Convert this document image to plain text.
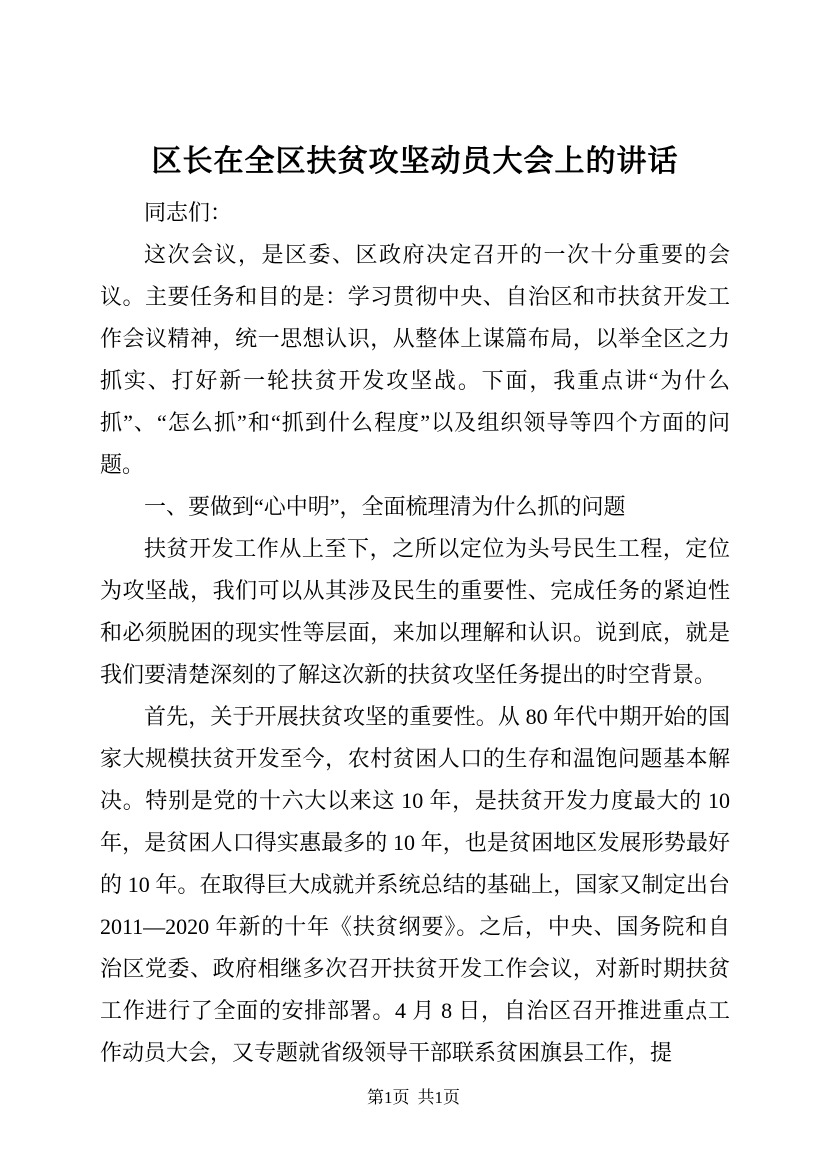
区长在全区扶贫攻坚动员大会上的讲话

同志们：

这次会议，是区委、区政府决定召开的一次十分重要的会议。主要任务和目的是：学习贯彻中央、自治区和市扶贫开发工作会议精神，统一思想认识，从整体上谋篇布局，以举全区之力抓实、打好新一轮扶贫开发攻坚战。下面，我重点讲“为什么抓”、“怎么抓”和“抓到什么程度”以及组织领导等四个方面的问题。

一、要做到“心中明”，全面梳理清为什么抓的问题

扶贫开发工作从上至下，之所以定位为头号民生工程，定位为攻坚战，我们可以从其涉及民生的重要性、完成任务的紧迫性和必须脱困的现实性等层面，来加以理解和认识。说到底，就是我们要清楚深刻的了解这次新的扶贫攻坚任务提出的时空背景。

首先，关于开展扶贫攻坚的重要性。从 80 年代中期开始的国家大规模扶贫开发至今，农村贫困人口的生存和温饱问题基本解决。特别是党的十六大以来这 10 年，是扶贫开发力度最大的 10 年，是贫困人口得实惠最多的 10 年，也是贫困地区发展形势最好的 10 年。在取得巨大成就并系统总结的基础上，国家又制定出台 2011—2020 年新的十年《扶贫纲要》。之后，中央、国务院和自治区党委、政府相继多次召开扶贫开发工作会议，对新时期扶贫工作进行了全面的安排部署。4 月 8 日，自治区召开推进重点工作动员大会，又专题就省级领导干部联系贫困旗县工作，提

第1页 共1页
